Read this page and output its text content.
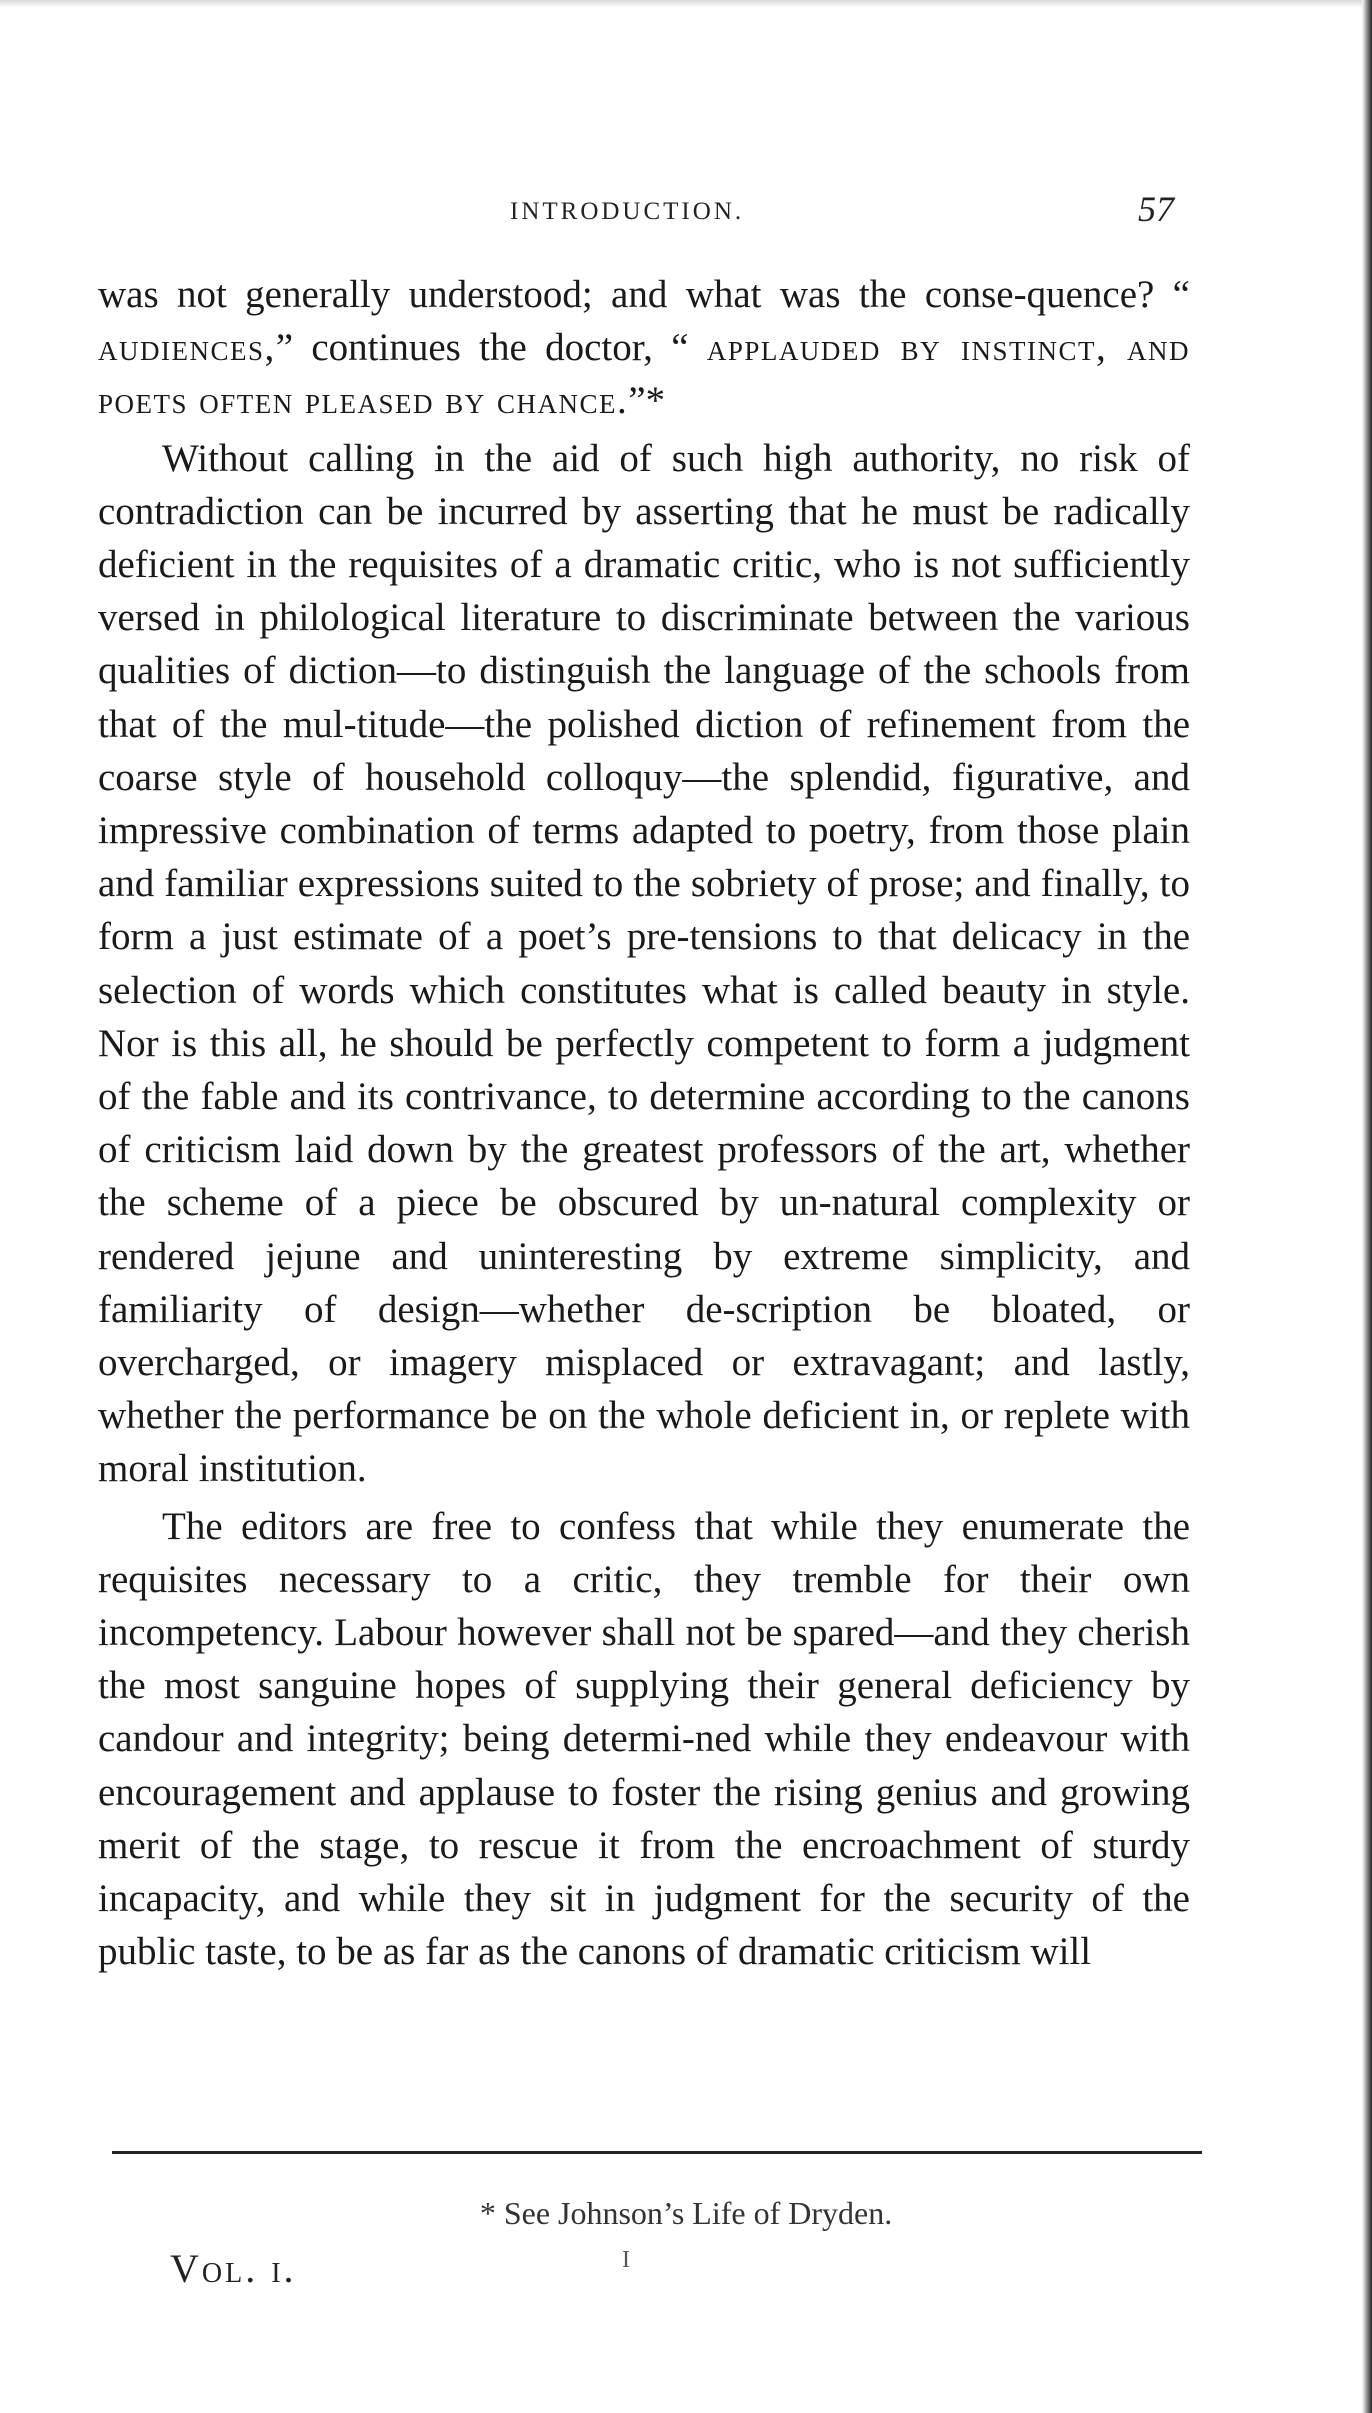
INTRODUCTION.	57

was not generally understood; and what was the conse-quence? “ audiences,” continues the doctor, “ applauded by instinct, and poets often pleased by chance.”*

Without calling in the aid of such high authority, no risk of contradiction can be incurred by asserting that he must be radically deficient in the requisites of a dramatic critic, who is not sufficiently versed in philological literature to discriminate between the various qualities of diction—to distinguish the language of the schools from that of the mul-titude—the polished diction of refinement from the coarse style of household colloquy—the splendid, figurative, and impressive combination of terms adapted to poetry, from those plain and familiar expressions suited to the sobriety of prose; and finally, to form a just estimate of a poet’s pre-tensions to that delicacy in the selection of words which constitutes what is called beauty in style. Nor is this all, he should be perfectly competent to form a judgment of the fable and its contrivance, to determine according to the canons of criticism laid down by the greatest professors of the art, whether the scheme of a piece be obscured by un-natural complexity or rendered jejune and uninteresting by extreme simplicity, and familiarity of design—whether de-scription be bloated, or overcharged, or imagery misplaced or extravagant; and lastly, whether the performance be on the whole deficient in, or replete with moral institution.

The editors are free to confess that while they enumerate the requisites necessary to a critic, they tremble for their own incompetency. Labour however shall not be spared—and they cherish the most sanguine hopes of supplying their general deficiency by candour and integrity; being determi-ned while they endeavour with encouragement and applause to foster the rising genius and growing merit of the stage, to rescue it from the encroachment of sturdy incapacity, and while they sit in judgment for the security of the public taste, to be as far as the canons of dramatic criticism will

* See Johnson’s Life of Dryden.
Vol. i.	I
